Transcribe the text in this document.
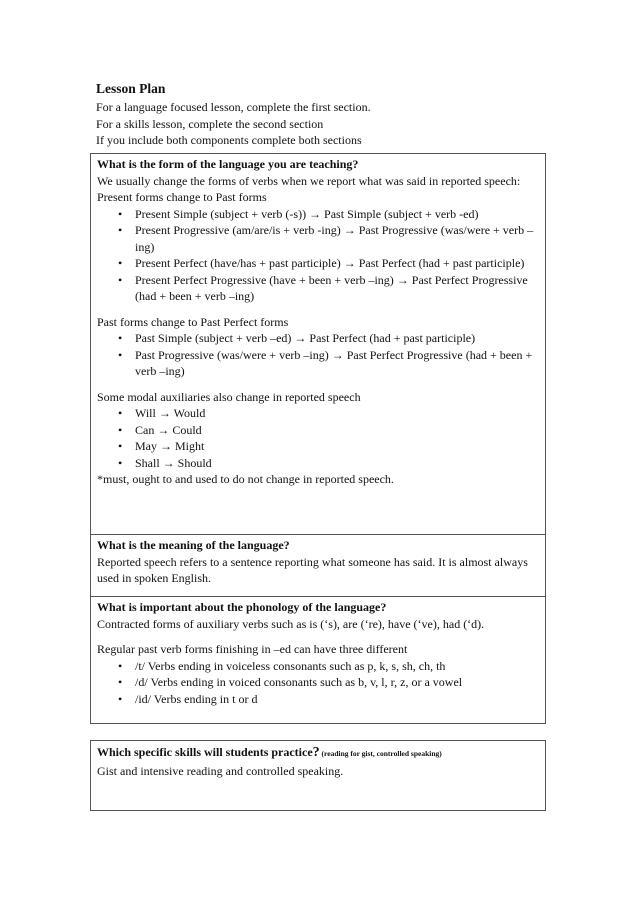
Lesson Plan
For a language focused lesson, complete the first section.
For a skills lesson, complete the second section
If you include both components complete both sections
What is the form of the language you are teaching?

We usually change the forms of verbs when we report what was said in reported speech:

Present forms change to Past forms

• Present Simple (subject + verb (-s)) → Past Simple (subject + verb -ed)
• Present Progressive (am/are/is + verb -ing) → Past Progressive (was/were + verb –ing)
• Present Perfect (have/has + past participle) → Past Perfect (had + past participle)
• Present Perfect Progressive (have + been + verb –ing) → Past Perfect Progressive (had + been + verb –ing)

Past forms change to Past Perfect forms

• Past Simple (subject + verb –ed) → Past Perfect (had + past participle)
• Past Progressive (was/were + verb –ing) → Past Perfect Progressive (had + been + verb –ing)

Some modal auxiliaries also change in reported speech

• Will → Would
• Can → Could
• May → Might
• Shall → Should

*must, ought to and used to do not change in reported speech.

What is the meaning of the language?

Reported speech refers to a sentence reporting what someone has said. It is almost always used in spoken English.

What is important about the phonology of the language?

Contracted forms of auxiliary verbs such as is (‘s), are (‘re), have (‘ve), had (‘d).

Regular past verb forms finishing in –ed can have three different

• /t/ Verbs ending in voiceless consonants such as p, k, s, sh, ch, th
• /d/ Verbs ending in voiced consonants such as b, v, l, r, z, or a vowel
• /id/ Verbs ending in t or d
Which specific skills will students practice? (reading for gist, controlled speaking)

Gist and intensive reading and controlled speaking.
